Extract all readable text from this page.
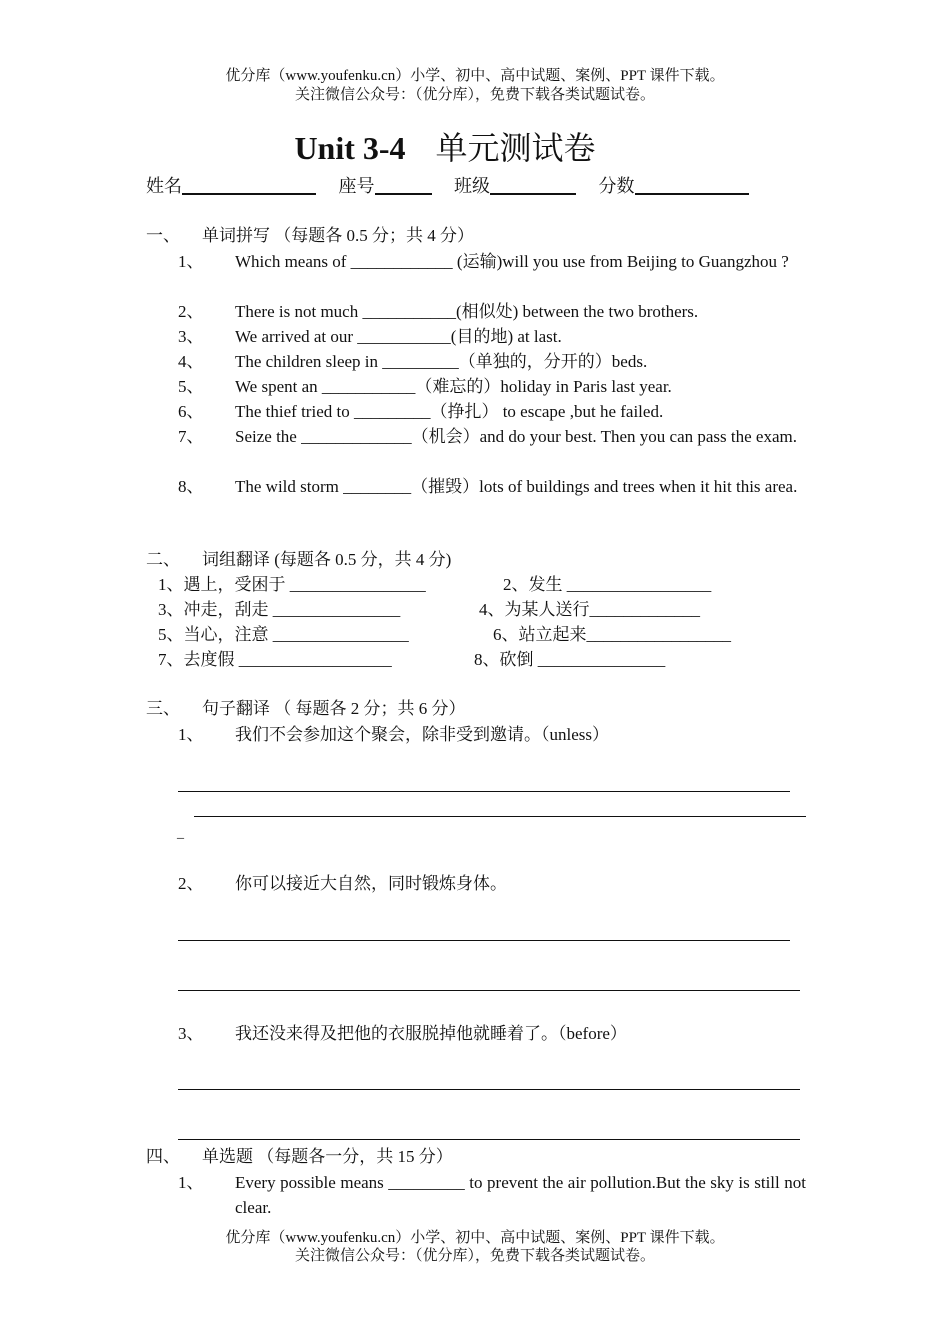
优分库（www.youfenku.cn）小学、初中、高中试题、案例、PPT 课件下载。
关注微信公众号：（优分库），免费下载各类试题试卷。
Unit 3-4 单元测试卷
姓名	座号	班级	分数
一、 单词拼写 （每题各 0.5 分；共 4 分）
1、 Which means of ____________ (运输)will you use from Beijing to Guangzhou ?
2、 There is not much ___________(相似处) between the two brothers.
3、 We arrived at our ___________(目的地) at last.
4、 The children sleep in _________（单独的，分开的）beds.
5、 We spent an ___________（难忘的）holiday in Paris last year.
6、 The thief tried to _________（挣扎） to escape ,but he failed.
7、 Seize the _____________（机会）and do your best. Then you can pass the exam.
8、 The wild storm ________（摧毁）lots of buildings and trees when it hit this area.
二、 词组翻译 (每题各 0.5 分，共 4 分)
1、遇上，受困于 ________________	2、发生 _________________
3、冲走，刮走 _______________	4、为某人送行_____________
5、当心，注意 ________________	6、站立起来_________________
7、去度假 __________________	8、砍倒 _______________
三、 句子翻译 （ 每题各 2 分；共 6 分）
1、 我们不会参加这个聚会，除非受到邀请。（unless）
_
2、 你可以接近大自然，同时锻炼身体。
3、 我还没来得及把他的衣服脱掉他就睡着了。（before）
四、 单选题 （每题各一分，共 15 分）
1、 Every possible means _________ to prevent the air pollution.But the sky is still not clear.
优分库（www.youfenku.cn）小学、初中、高中试题、案例、PPT 课件下载。
关注微信公众号：（优分库），免费下载各类试题试卷。
